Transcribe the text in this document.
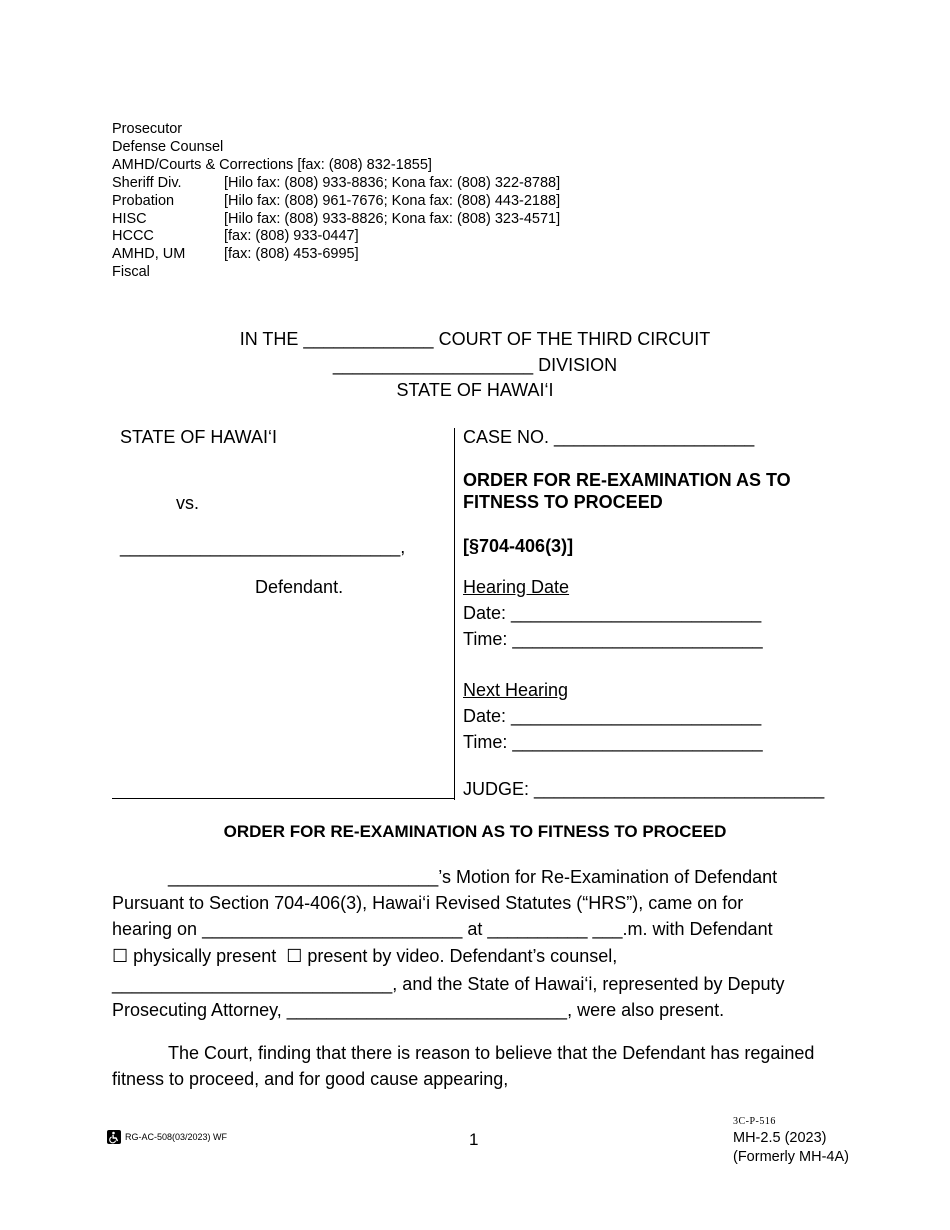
Prosecutor
Defense Counsel
AMHD/Courts & Corrections [fax: (808) 832-1855]
Sheriff Div.	[Hilo fax: (808) 933-8836; Kona fax: (808) 322-8788]
Probation	[Hilo fax: (808) 961-7676; Kona fax: (808) 443-2188]
HISC	[Hilo fax: (808) 933-8826; Kona fax: (808) 323-4571]
HCCC	[fax: (808) 933-0447]
AMHD, UM	[fax: (808) 453-6995]
Fiscal
IN THE _____________ COURT OF THE THIRD CIRCUIT
____________________ DIVISION
STATE OF HAWAI‘I
STATE OF HAWAI‘I
vs.
____________________________,
Defendant.
CASE NO. ____________________
ORDER FOR RE-EXAMINATION AS TO
FITNESS TO PROCEED
[§704-406(3)]
Hearing Date
Date: _________________________
Time: _________________________
Next Hearing
Date: _________________________
Time: _________________________
JUDGE: _____________________________
ORDER FOR RE-EXAMINATION AS TO FITNESS TO PROCEED
___________________________’s Motion for Re-Examination of Defendant
Pursuant to Section 704-406(3), Hawai‘i Revised Statutes (“HRS”), came on for
hearing on __________________________ at __________ ___.m. with Defendant
☐ physically present  ☐ present by video. Defendant’s counsel,
____________________________, and the State of Hawai‘i, represented by Deputy
Prosecuting Attorney, ____________________________, were also present.
The Court, finding that there is reason to believe that the Defendant has regained
fitness to proceed, and for good cause appearing,
RG-AC-508(03/2023) WF	1
3C-P-516
MH-2.5 (2023)
(Formerly MH-4A)
